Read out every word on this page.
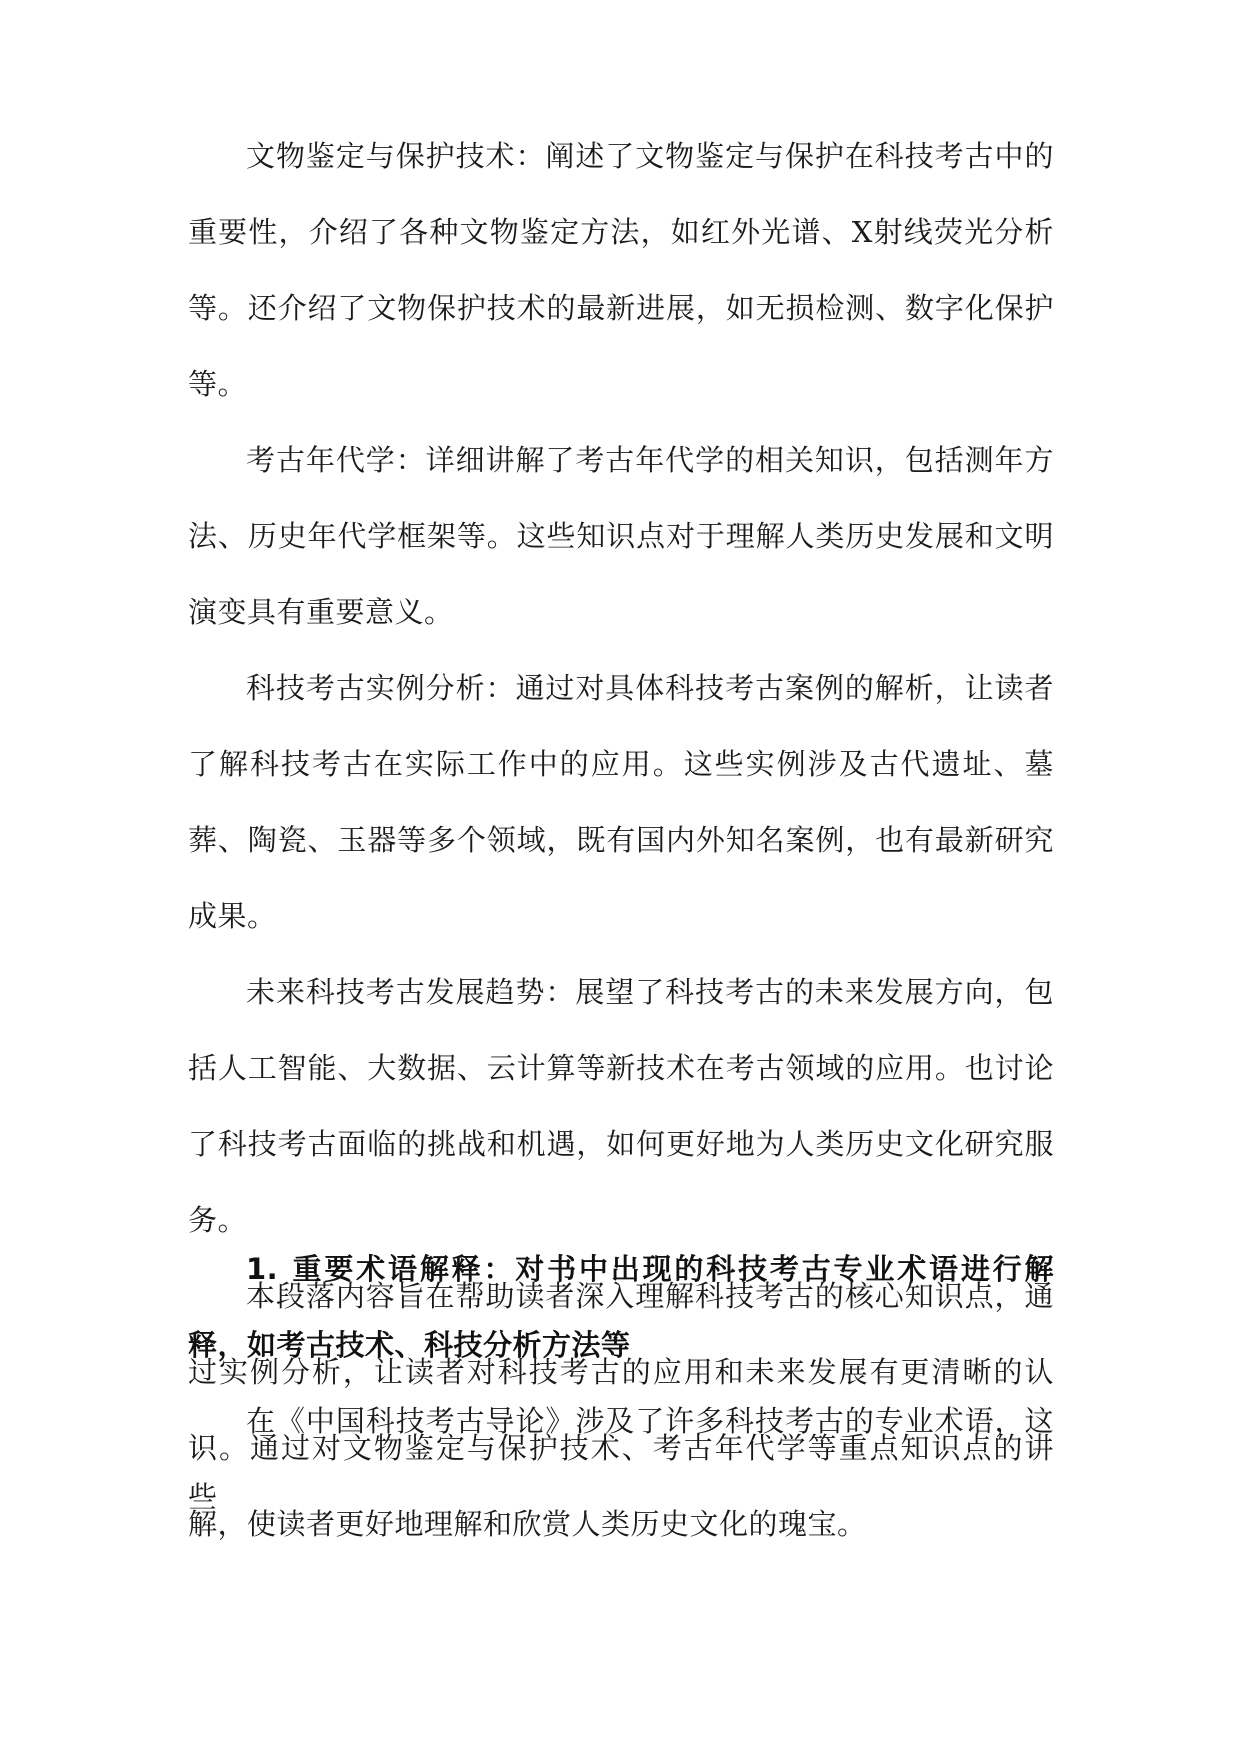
文物鉴定与保护技术：阐述了文物鉴定与保护在科技考古中的重要性，介绍了各种文物鉴定方法，如红外光谱、X射线荧光分析等。还介绍了文物保护技术的最新进展，如无损检测、数字化保护等。

考古年代学：详细讲解了考古年代学的相关知识，包括测年方法、历史年代学框架等。这些知识点对于理解人类历史发展和文明演变具有重要意义。

科技考古实例分析：通过对具体科技考古案例的解析，让读者了解科技考古在实际工作中的应用。这些实例涉及古代遗址、墓葬、陶瓷、玉器等多个领域，既有国内外知名案例，也有最新研究成果。

未来科技考古发展趋势：展望了科技考古的未来发展方向，包括人工智能、大数据、云计算等新技术在考古领域的应用。也讨论了科技考古面临的挑战和机遇，如何更好地为人类历史文化研究服务。

本段落内容旨在帮助读者深入理解科技考古的核心知识点，通过实例分析，让读者对科技考古的应用和未来发展有更清晰的认识。通过对文物鉴定与保护技术、考古年代学等重点知识点的讲解，使读者更好地理解和欣赏人类历史文化的瑰宝。

1. 重要术语解释：对书中出现的科技考古专业术语进行解释，如考古技术、科技分析方法等

在《中国科技考古导论》涉及了许多科技考古的专业术语，这些
